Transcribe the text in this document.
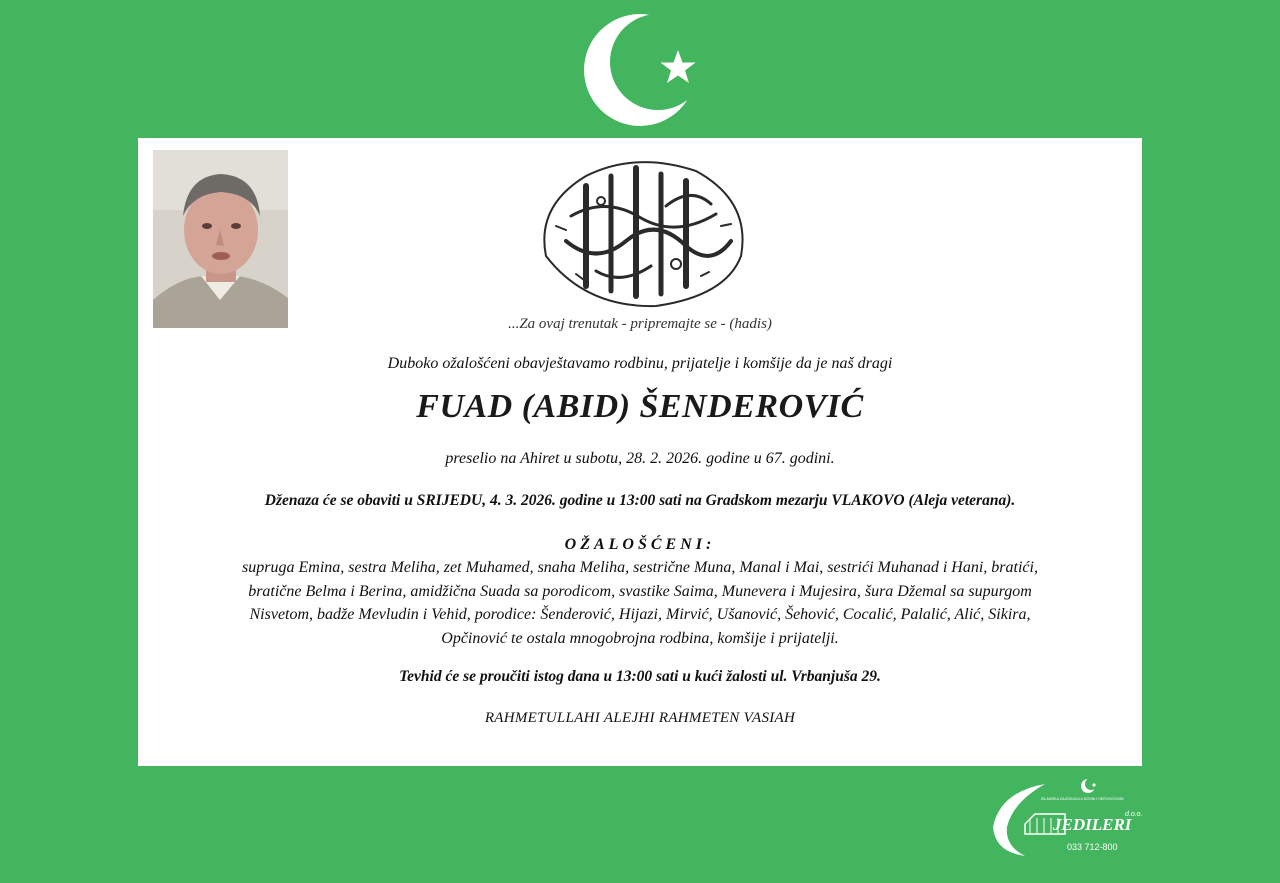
...Za ovaj trenutak - pripremajte se - (hadis)
Duboko ožalošćeni obavještavamo rodbinu, prijatelje i komšije da je naš dragi
FUAD (ABID) ŠENDEROVIĆ
preselio na Ahiret u subotu, 28. 2. 2026. godine u 67. godini.
Dženaza će se obaviti u SRIJEDU, 4. 3. 2026. godine u 13:00 sati na Gradskom mezarju VLAKOVO (Aleja veterana).
OŽALOŠĆENI:
supruga Emina, sestra Meliha, zet Muhamed, snaha Meliha, sestrične Muna, Manal i Mai, sestrići Muhanad i Hani, bratići,
bratične Belma i Berina, amidžična Suada sa porodicom, svastike Saima, Munevera i Mujesira, šura Džemal sa supurgom
Nisvetom, badže Mevludin i Vehid, porodice: Šenderović, Hijazi, Mirvić, Ušanović, Šehović, Cocalić, Palalić, Alić, Sikira,
Opčinović te ostala mnogobrojna rodbina, komšije i prijatelji.
Tevhid će se proučiti istog dana u 13:00 sati u kući žalosti ul. Vrbanjuša 29.
RAHMETULLAHI ALEJHI RAHMETEN VASIAH
ISLAMSKA ZAJEDNICA U BOSNI I HERCEGOVINI
d.o.o.
JEDILERI
033 712-800
